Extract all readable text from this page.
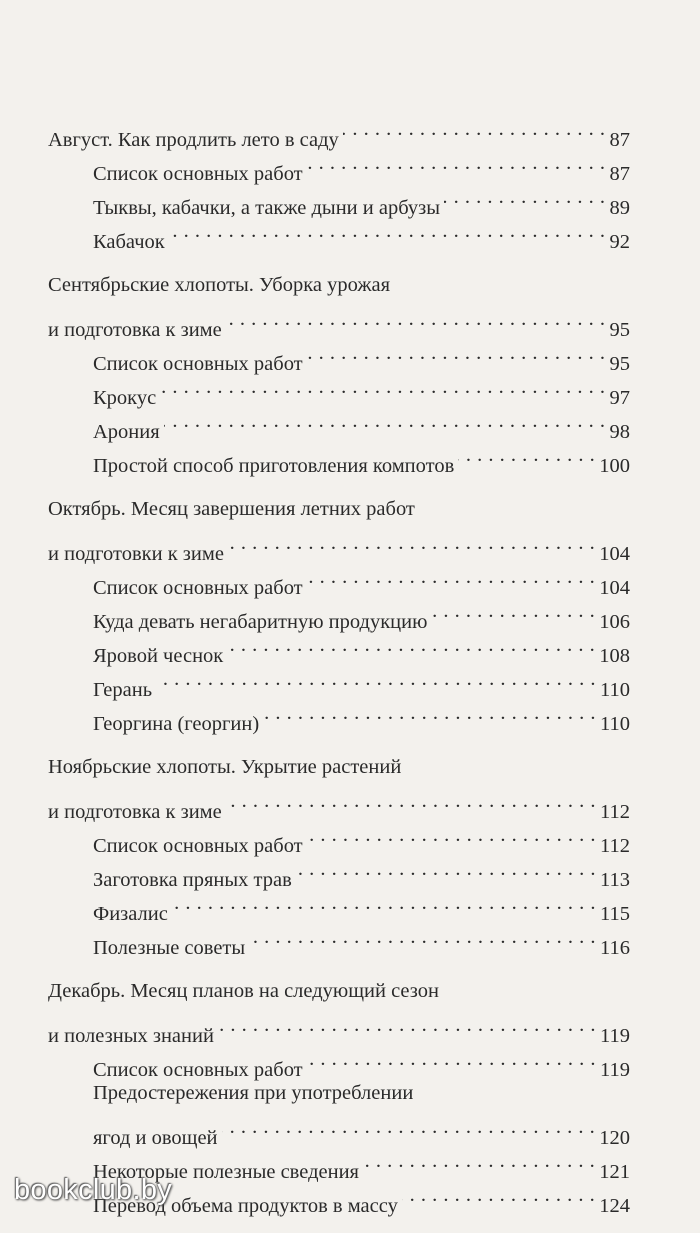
Август. Как продлить лето в саду . . .	87
Список основных работ . . .	87
Тыквы, кабачки, а также дыни и арбузы . . .	89
Кабачок . . .	92
Сентябрьские хлопоты. Уборка урожая
и подготовка к зиме . . .	95
Список основных работ . . .	95
Крокус . . .	97
Арония . . .	98
Простой способ приготовления компотов . . .	100
Октябрь. Месяц завершения летних работ
и подготовки к зиме . . .	104
Список основных работ . . .	104
Куда девать негабаритную продукцию . . .	106
Яровой чеснок . . .	108
Герань . . .	110
Георгина (георгин) . . .	110
Ноябрьские хлопоты. Укрытие растений
и подготовка к зиме . . .	112
Список основных работ . . .	112
Заготовка пряных трав . . .	113
Физалис . . .	115
Полезные советы . . .	116
Декабрь. Месяц планов на следующий сезон
и полезных знаний . . .	119
Список основных работ . . .	119
Предостережения при употреблении
ягод и овощей . . .	120
Некоторые полезные сведения . . .	121
Перевод объема продуктов в массу . . .	124
bookclub.by
